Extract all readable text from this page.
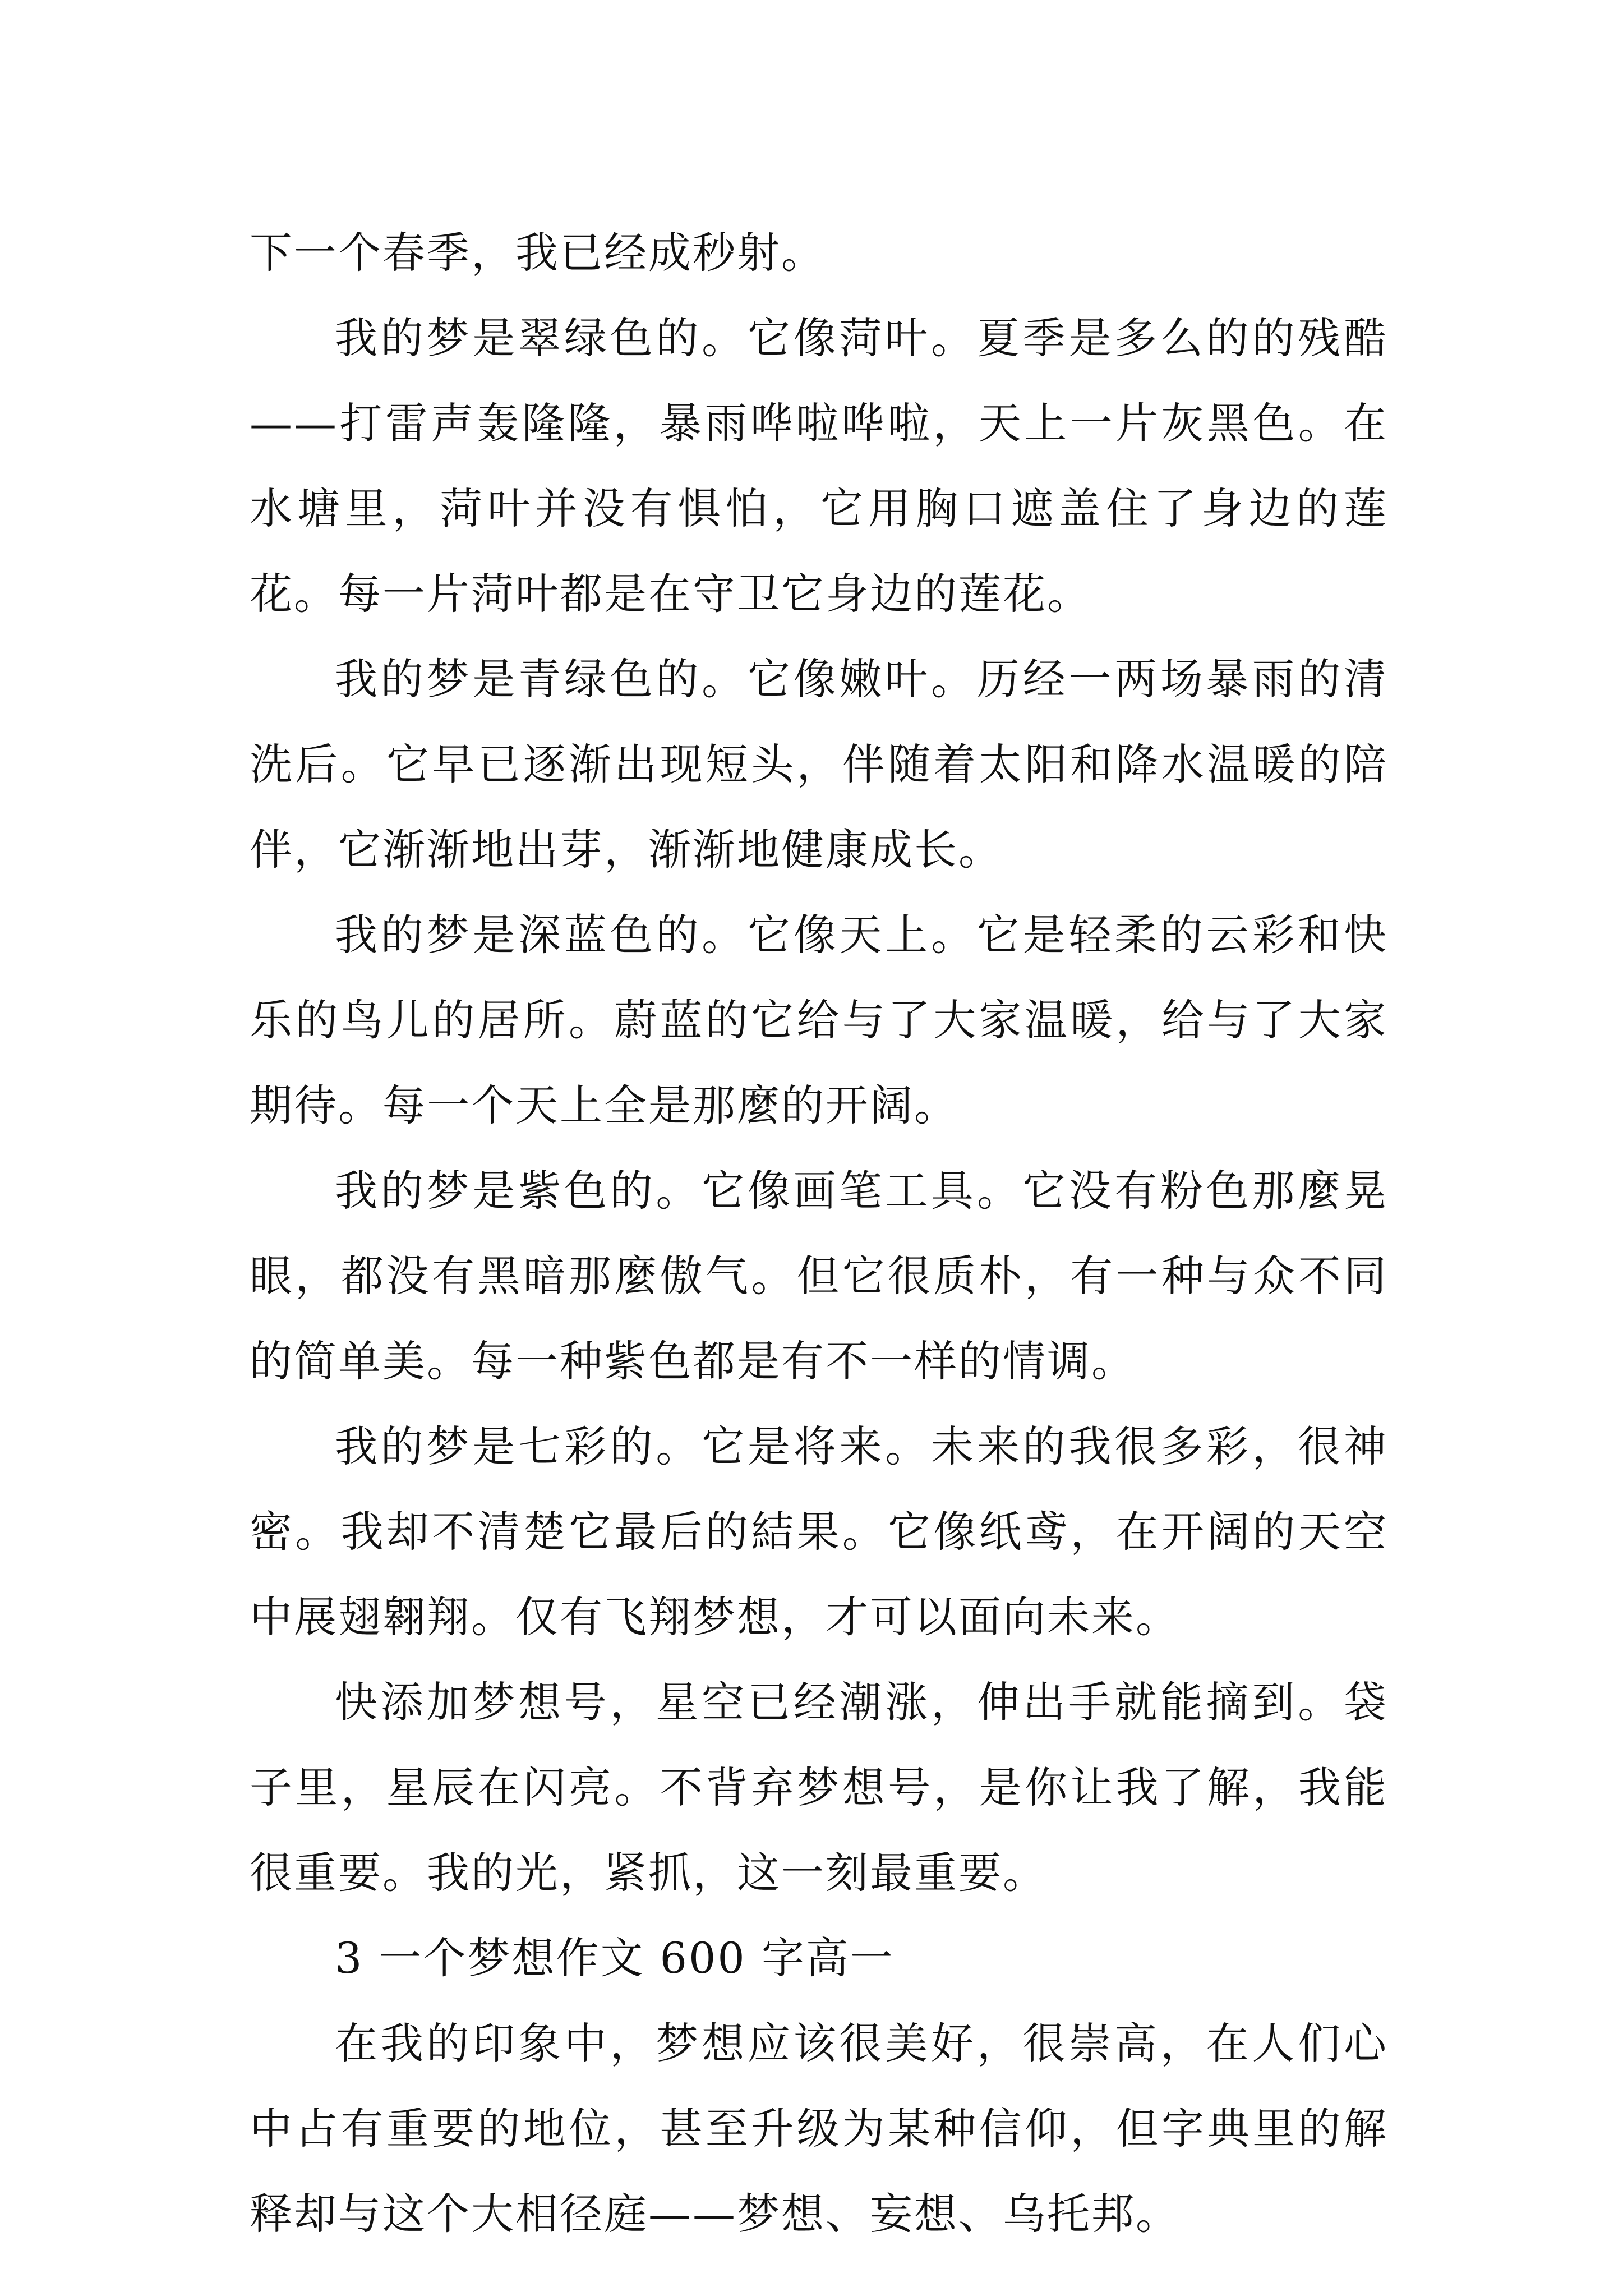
下一个春季，我已经成秒射。

我的梦是翠绿色的。它像菏叶。夏季是多么的的残酷——打雷声轰隆隆，暴雨哗啦哗啦，天上一片灰黑色。在水塘里，菏叶并没有惧怕，它用胸口遮盖住了身边的莲花。每一片菏叶都是在守卫它身边的莲花。

我的梦是青绿色的。它像嫩叶。历经一两场暴雨的清洗后。它早已逐渐出现短头，伴随着太阳和降水温暖的陪伴，它渐渐地出芽，渐渐地健康成长。

我的梦是深蓝色的。它像天上。它是轻柔的云彩和快乐的鸟儿的居所。蔚蓝的它给与了大家温暖，给与了大家期待。每一个天上全是那麼的开阔。

我的梦是紫色的。它像画笔工具。它没有粉色那麼晃眼，都没有黑暗那麼傲气。但它很质朴，有一种与众不同的简单美。每一种紫色都是有不一样的情调。

我的梦是七彩的。它是将来。未来的我很多彩，很神密。我却不清楚它最后的結果。它像纸鸢，在开阔的天空中展翅翱翔。仅有飞翔梦想，才可以面向未来。

快添加梦想号，星空已经潮涨，伸出手就能摘到。袋子里，星辰在闪亮。不背弃梦想号，是你让我了解，我能很重要。我的光，紧抓，这一刻最重要。

3 一个梦想作文 600 字高一

在我的印象中，梦想应该很美好，很崇高，在人们心中占有重要的地位，甚至升级为某种信仰，但字典里的解释却与这个大相径庭——梦想、妄想、乌托邦。
